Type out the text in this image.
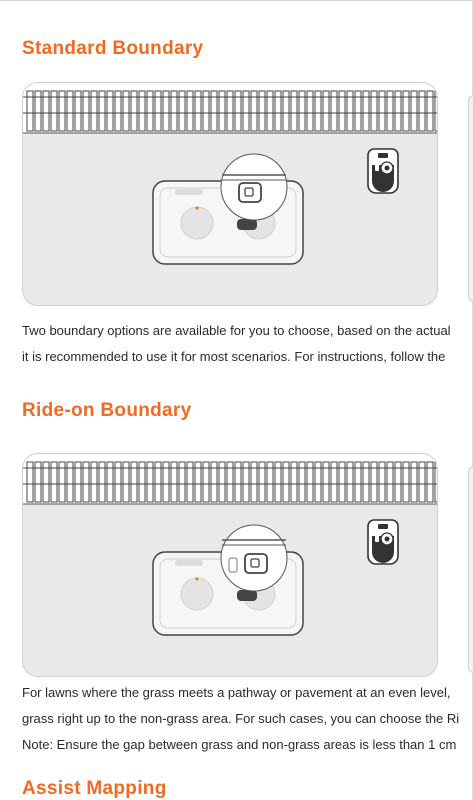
Standard Boundary

Two boundary options are available for you to choose, based on the actual

it is recommended to use it for most scenarios. For instructions, follow the

Ride-on Boundary

For lawns where the grass meets a pathway or pavement at an even level,

grass right up to the non-grass area. For such cases, you can choose the Ri

Note: Ensure the gap between grass and non-grass areas is less than 1 cm

Assist Mapping
